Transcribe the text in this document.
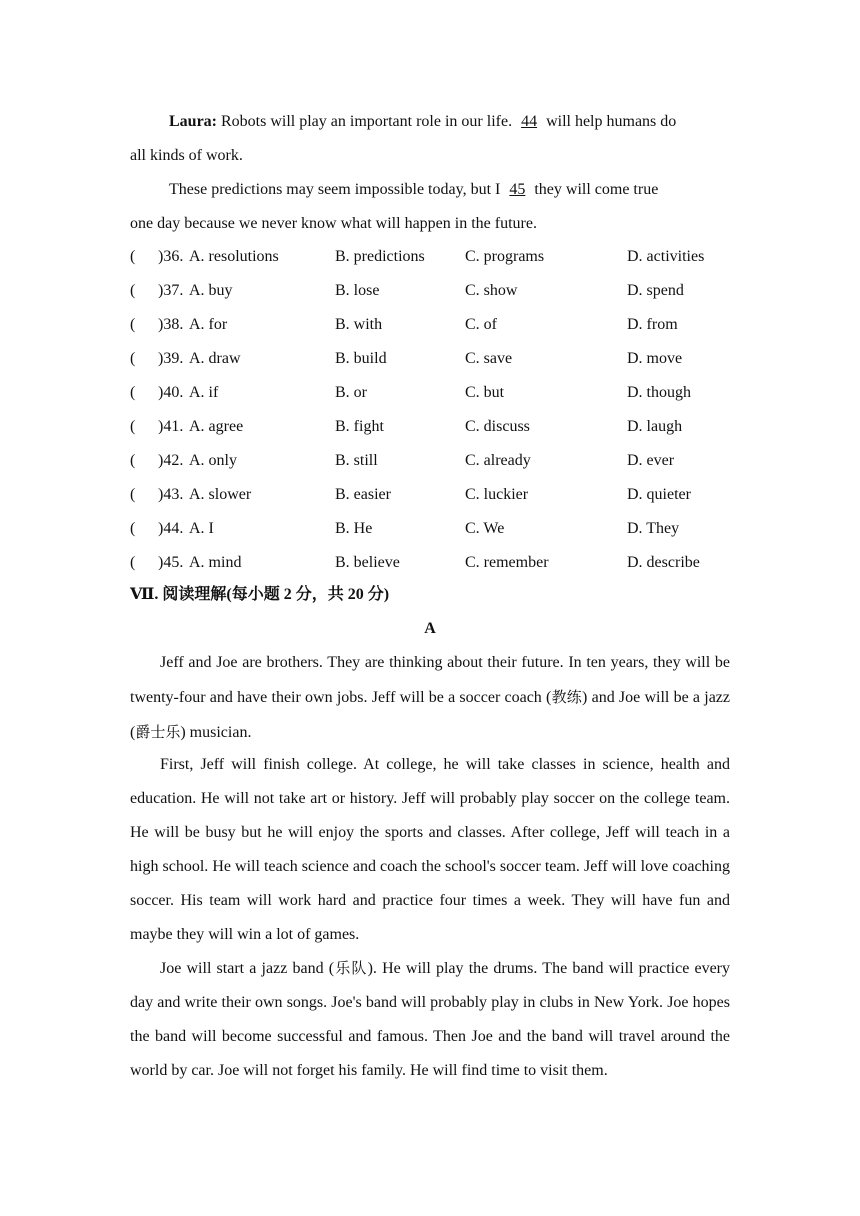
Laura: Robots will play an important role in our life. 44 will help humans do
all kinds of work.
These predictions may seem impossible today, but I 45 they will come true
one day because we never know what will happen in the future.
( )36. A. resolutions	B. predictions	C. programs	D. activities
( )37. A. buy	B. lose	C. show	D. spend
( )38. A. for	B. with	C. of	D. from
( )39. A. draw	B. build	C. save	D. move
( )40. A. if	B. or	C. but	D. though
( )41. A. agree	B. fight	C. discuss	D. laugh
( )42. A. only	B. still	C. already	D. ever
( )43. A. slower	B. easier	C. luckier	D. quieter
( )44. A. I	B. He	C. We	D. They
( )45. A. mind	B. believe	C. remember	D. describe
Ⅶ. 阅读理解(每小题 2 分，共 20 分)
A
Jeff and Joe are brothers. They are thinking about their future. In ten years, they will be twenty-four and have their own jobs. Jeff will be a soccer coach (教练) and Joe will be a jazz (爵士乐) musician.
First, Jeff will finish college. At college, he will take classes in science, health and education. He will not take art or history. Jeff will probably play soccer on the college team. He will be busy but he will enjoy the sports and classes. After college, Jeff will teach in a high school. He will teach science and coach the school's soccer team. Jeff will love coaching soccer. His team will work hard and practice four times a week. They will have fun and maybe they will win a lot of games.
Joe will start a jazz band (乐队). He will play the drums. The band will practice every day and write their own songs. Joe's band will probably play in clubs in New York. Joe hopes the band will become successful and famous. Then Joe and the band will travel around the world by car. Joe will not forget his family. He will find time to visit them.
